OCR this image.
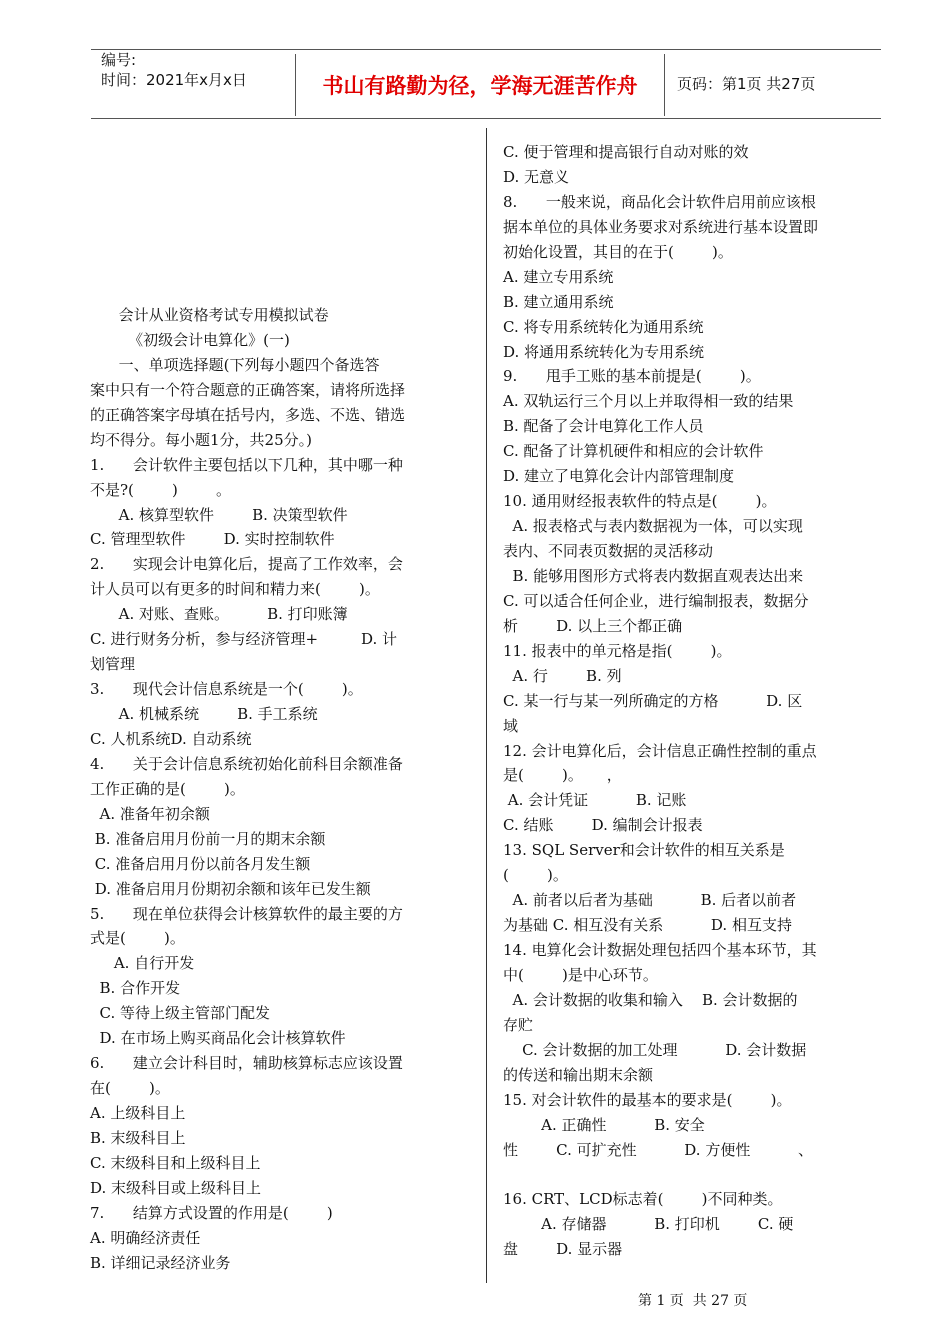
编号:
时间：2021年x月x日	书山有路勤为径，学海无涯苦作舟	页码：第1页 共27页
会计从业资格考试专用模拟试卷
《初级会计电算化》(一)
一、单项选择题(下列每小题四个备选答
案中只有一个符合题意的正确答案，请将所选择
的正确答案字母填在括号内，多选、不选、错选
均不得分。每小题1分，共25分。)
1.      会计软件主要包括以下几种，其中哪一种
不是?(        )        。
A. 核算型软件        B. 决策型软件
C. 管理型软件        D. 实时控制软件
2.      实现会计电算化后，提高了工作效率，会
计人员可以有更多的时间和精力来(        )。
A. 对账、查账。        B. 打印账簿
C. 进行财务分析，参与经济管理+         D. 计
划管理
3.      现代会计信息系统是一个(        )。
A. 机械系统        B. 手工系统
C. 人机系统D. 自动系统
4.      关于会计信息系统初始化前科目余额准备
工作正确的是(        )。
A. 准备年初余额
B. 准备启用月份前一月的期末余额
C. 准备启用月份以前各月发生额
D. 准备启用月份期初余额和该年已发生额
5.      现在单位获得会计核算软件的最主要的方
式是(        )。
A. 自行开发
B. 合作开发
C. 等待上级主管部门配发
D. 在市场上购买商品化会计核算软件
6.      建立会计科目时，辅助核算标志应该设置
在(        )。
A. 上级科目上
B. 末级科目上
C. 末级科目和上级科目上
D. 末级科目或上级科目上
7.      结算方式设置的作用是(        )
A. 明确经济责任
B. 详细记录经济业务
C. 便于管理和提高银行自动对账的效
D. 无意义
8.      一般来说，商品化会计软件启用前应该根
据本单位的具体业务要求对系统进行基本设置即
初始化设置，其目的在于(        )。
A. 建立专用系统
B. 建立通用系统
C. 将专用系统转化为通用系统
D. 将通用系统转化为专用系统
9.      甩手工账的基本前提是(        )。
A. 双轨运行三个月以上并取得相一致的结果
B. 配备了会计电算化工作人员
C. 配备了计算机硬件和相应的会计软件
D. 建立了电算化会计内部管理制度
10. 通用财经报表软件的特点是(        )。
A. 报表格式与表内数据视为一体，可以实现
表内、不同表页数据的灵活移动
B. 能够用图形方式将表内数据直观表达出来
C. 可以适合任何企业，进行编制报表，数据分
析        D. 以上三个都正确
11. 报表中的单元格是指(        )。
A. 行        B. 列
C. 某一行与某一列所确定的方格          D. 区
域
12. 会计电算化后，会计信息正确性控制的重点
是(        )。     ，
A. 会计凭证          B. 记账
C. 结账        D. 编制会计报表
13. SQL Server和会计软件的相互关系是
(        )。
A. 前者以后者为基础          B. 后者以前者
为基础 C. 相互没有关系          D. 相互支持
14. 电算化会计数据处理包括四个基本环节，其
中(        )是中心环节。
A. 会计数据的收集和输入    B. 会计数据的
存贮
C. 会计数据的加工处理          D. 会计数据
的传送和输出期末余额
15. 对会计软件的最基本的要求是(        )。
A. 正确性          B. 安全
性        C. 可扩充性          D. 方便性          、
16. CRT、LCD标志着(        )不同种类。
A. 存储器          B. 打印机        C. 硬
盘        D. 显示器
第 1 页  共 27 页
